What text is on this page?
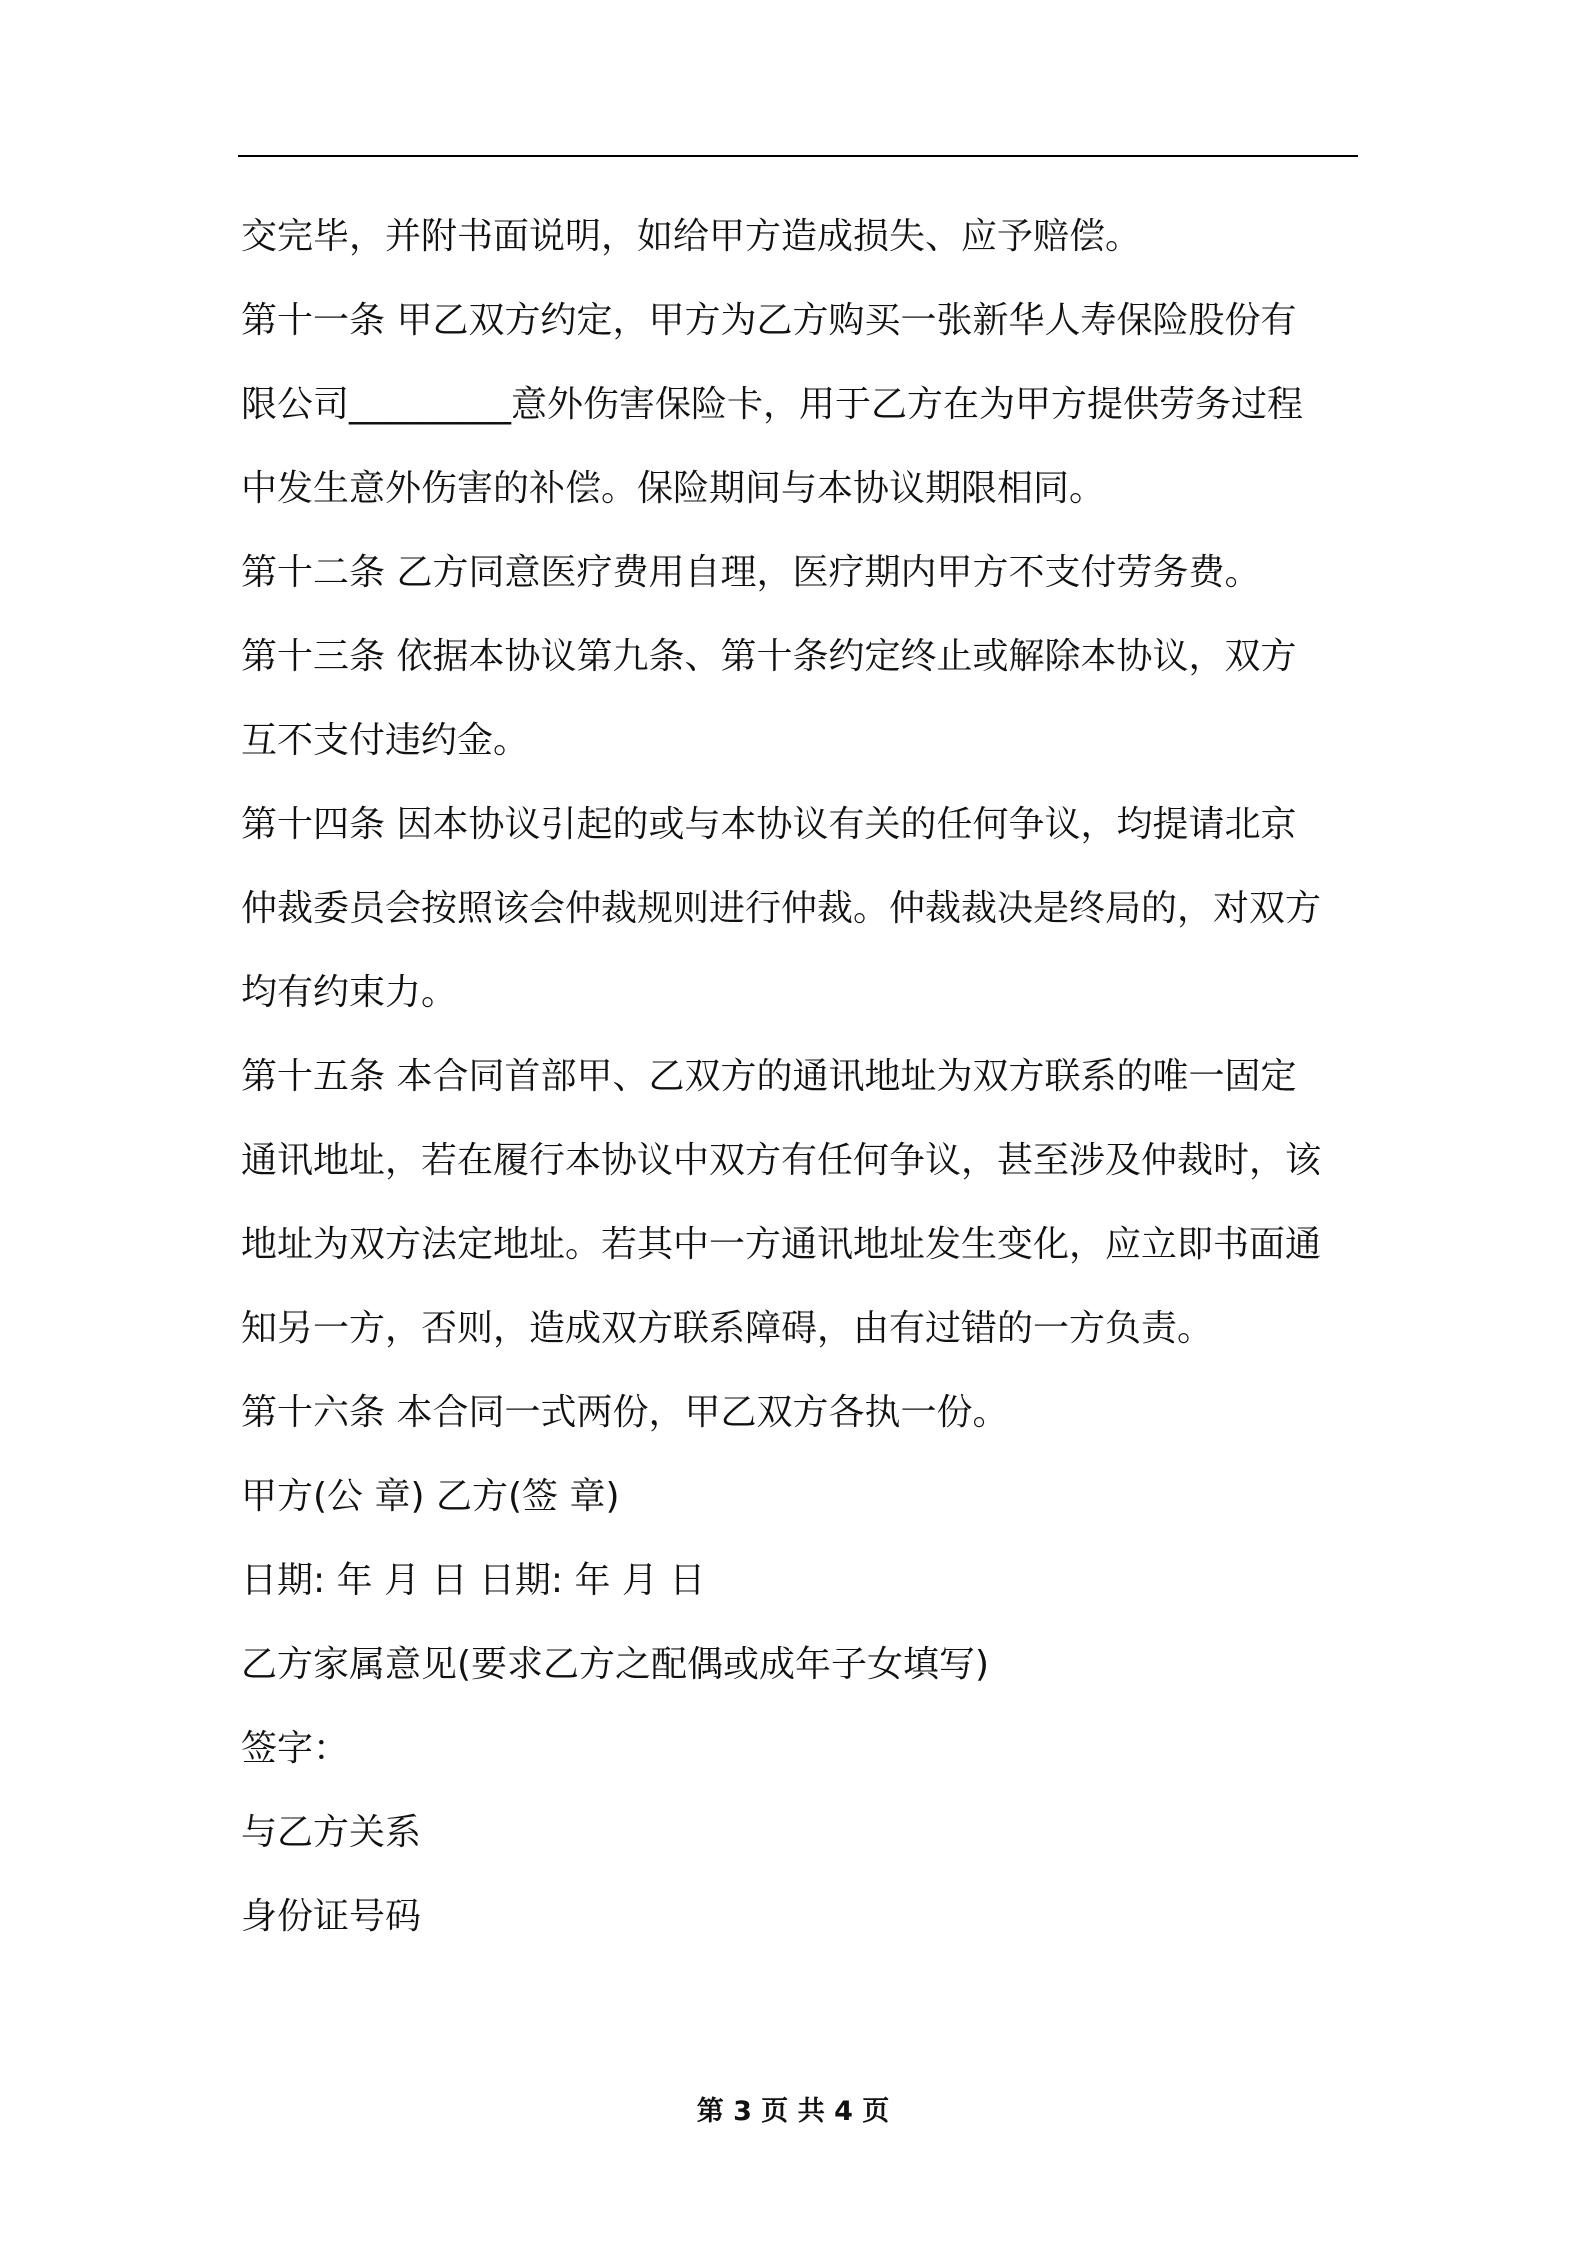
交完毕，并附书面说明，如给甲方造成损失、应予赔偿。
第十一条 甲乙双方约定，甲方为乙方购买一张新华人寿保险股份有
限公司_________意外伤害保险卡，用于乙方在为甲方提供劳务过程
中发生意外伤害的补偿。保险期间与本协议期限相同。
第十二条 乙方同意医疗费用自理，医疗期内甲方不支付劳务费。
第十三条 依据本协议第九条、第十条约定终止或解除本协议，双方
互不支付违约金。
第十四条 因本协议引起的或与本协议有关的任何争议，均提请北京
仲裁委员会按照该会仲裁规则进行仲裁。仲裁裁决是终局的，对双方
均有约束力。
第十五条 本合同首部甲、乙双方的通讯地址为双方联系的唯一固定
通讯地址，若在履行本协议中双方有任何争议，甚至涉及仲裁时，该
地址为双方法定地址。若其中一方通讯地址发生变化，应立即书面通
知另一方，否则，造成双方联系障碍，由有过错的一方负责。
第十六条 本合同一式两份，甲乙双方各执一份。
甲方(公 章) 乙方(签 章)
日期: 年 月 日 日期: 年 月 日
乙方家属意见(要求乙方之配偶或成年子女填写)
签字：
与乙方关系
身份证号码
第 3 页 共 4 页
